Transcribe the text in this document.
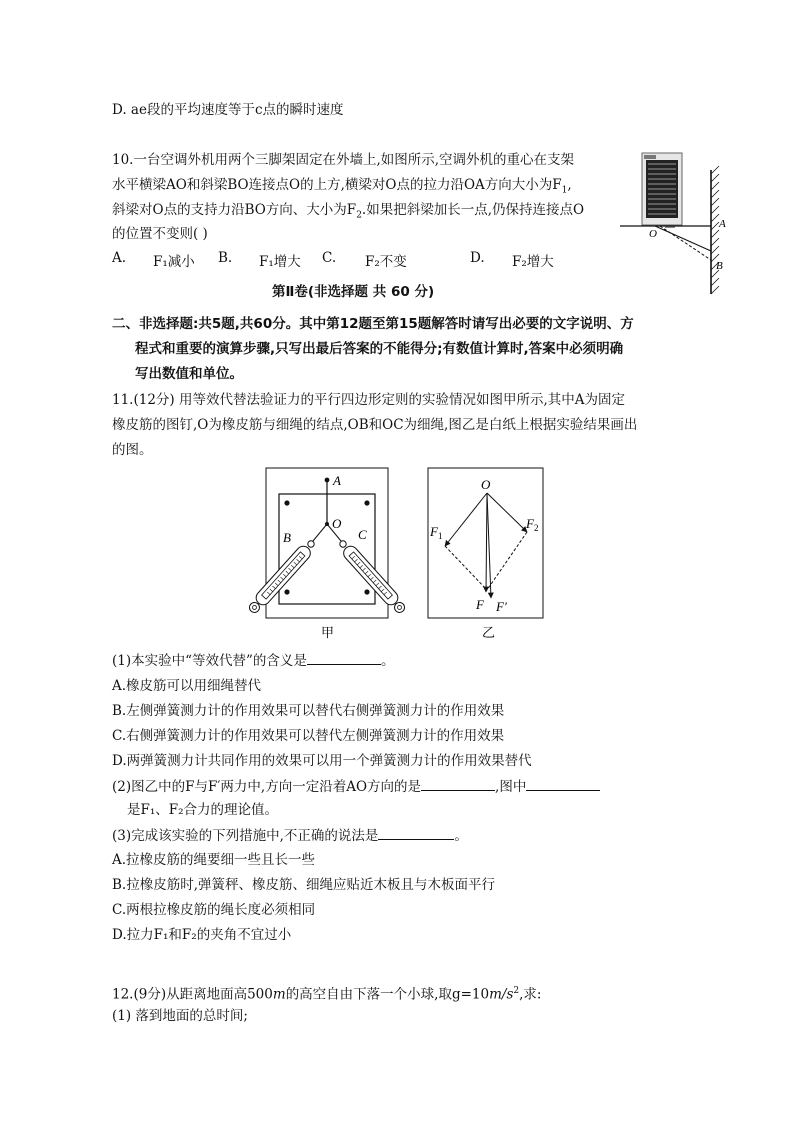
D. ae段的平均速度等于c点的瞬时速度
10.一台空调外机用两个三脚架固定在外墙上,如图所示,空调外机的重心在支架
水平横梁AO和斜梁BO连接点O的上方,横梁对O点的拉力沿OA方向大小为$F_1$,
斜梁对O点的支持力沿BO方向、大小为$F_2$.如果把斜梁加长一点,仍保持连接点O
的位置不变则( )
A. F₁减小 B. F₁增大 C. F₂不变	D. F₂增大
A
O
B
第Ⅱ卷(非选择题 共 60 分)
二、非选择题:共5题,共60分。其中第12题至第15题解答时请写出必要的文字说明、方
程式和重要的演算步骤,只写出最后答案的不能得分;有数值计算时,答案中必须明确
写出数值和单位。
11.(12分) 用等效代替法验证力的平行四边形定则的实验情况如图甲所示,其中A为固定
橡皮筋的图钉,O为橡皮筋与细绳的结点,OB和OC为细绳,图乙是白纸上根据实验结果画出
的图。
A
O
B	C
甲
O
$F_1$
$F_2$
F F′
乙
(1)本实验中“等效代替”的含义是	。
A.橡皮筋可以用细绳替代
B.左侧弹簧测力计的作用效果可以替代右侧弹簧测力计的作用效果
C.右侧弹簧测力计的作用效果可以替代左侧弹簧测力计的作用效果
D.两弹簧测力计共同作用的效果可以用一个弹簧测力计的作用效果替代
(2)图乙中的F与F′两力中,方向一定沿着AO方向的是	,图中
是F₁、F₂合力的理论值。
(3)完成该实验的下列措施中,不正确的说法是	。
A.拉橡皮筋的绳要细一些且长一些
B.拉橡皮筋时,弹簧秤、橡皮筋、细绳应贴近木板且与木板面平行
C.两根拉橡皮筋的绳长度必须相同
D.拉力F₁和F₂的夹角不宜过小
12.(9分)从距离地面高500m的高空自由下落一个小球,取$g=10m/s^2$,求:
(1) 落到地面的总时间;
